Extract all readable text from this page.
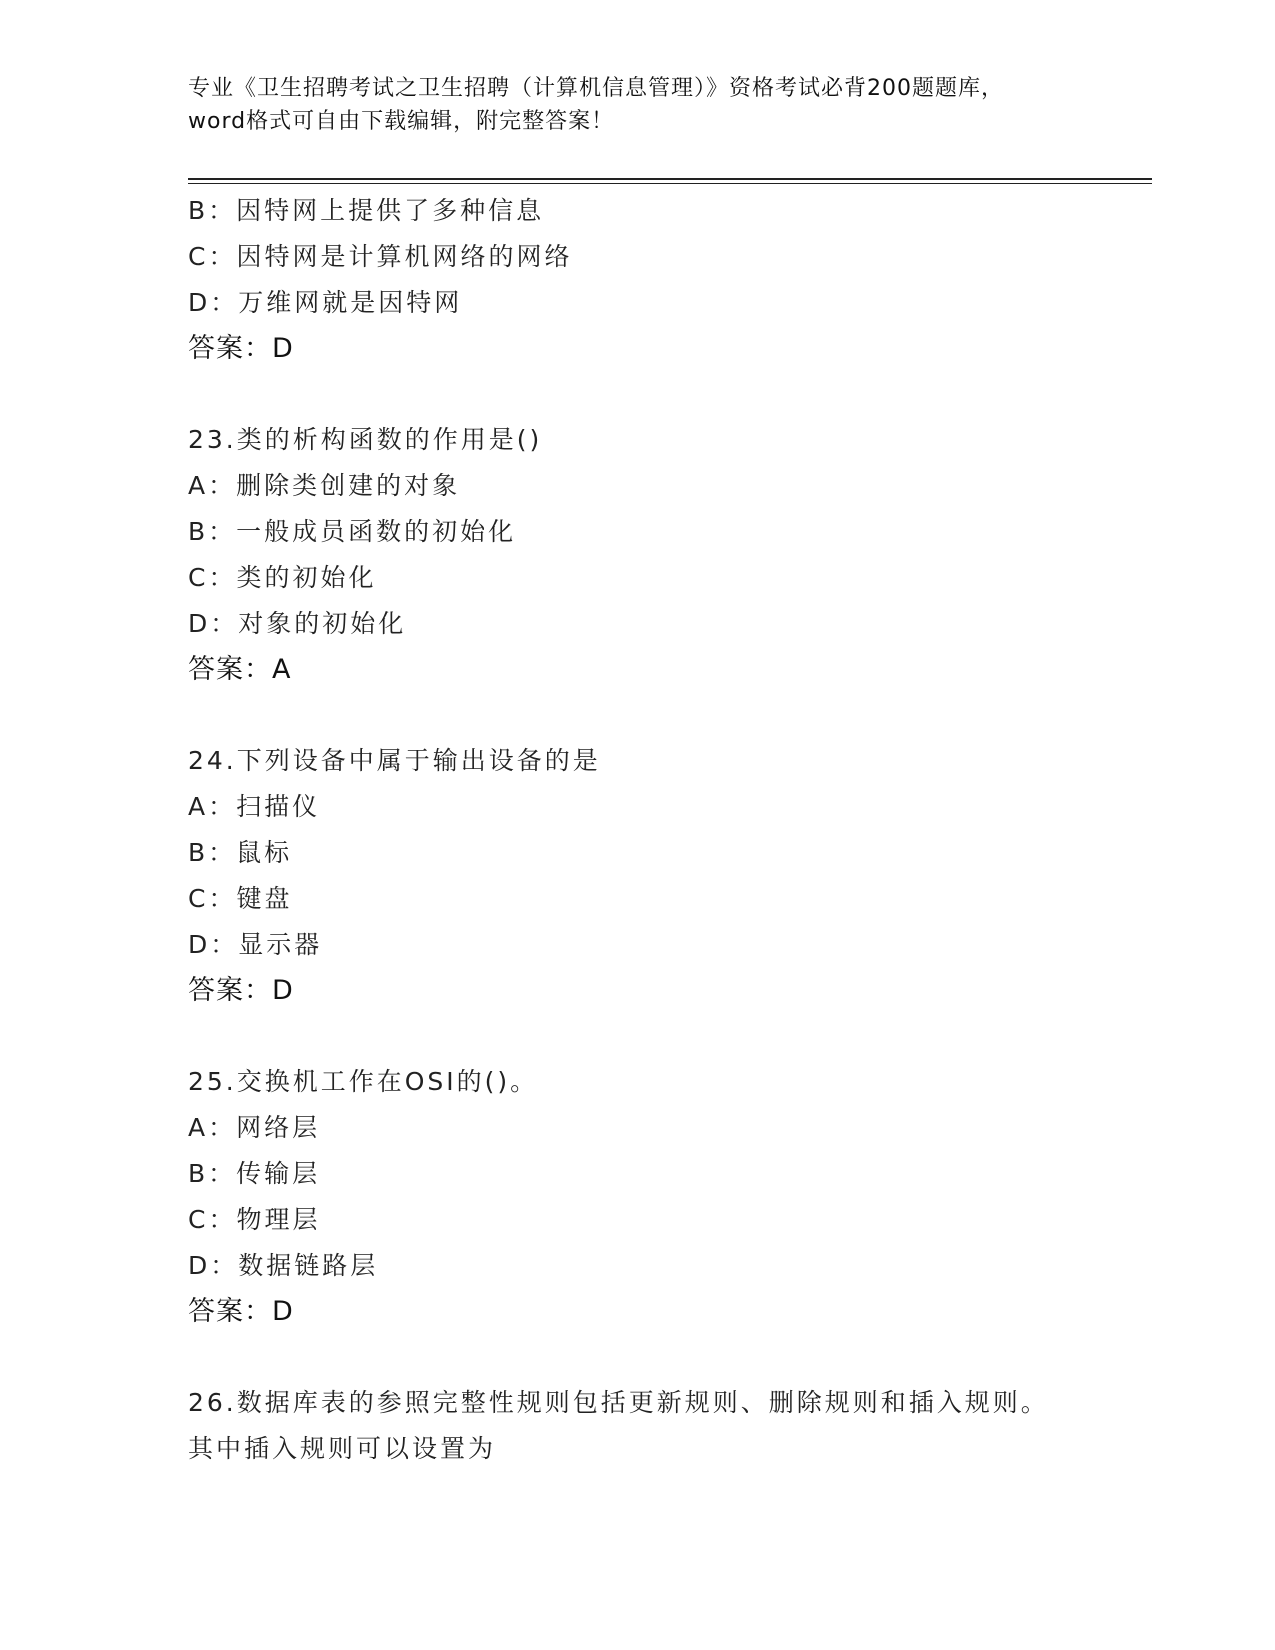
专业《卫生招聘考试之卫生招聘（计算机信息管理）》资格考试必背200题题库，
word格式可自由下载编辑，附完整答案！
B：因特网上提供了多种信息
C：因特网是计算机网络的网络
D：万维网就是因特网
答案：D
23.类的析构函数的作用是()
A：删除类创建的对象
B：一般成员函数的初始化
C：类的初始化
D：对象的初始化
答案：A
24.下列设备中属于输出设备的是
A：扫描仪
B：鼠标
C：键盘
D：显示器
答案：D
25.交换机工作在OSI的()。
A：网络层
B：传输层
C：物理层
D：数据链路层
答案：D
26.数据库表的参照完整性规则包括更新规则、删除规则和插入规则。
其中插入规则可以设置为
